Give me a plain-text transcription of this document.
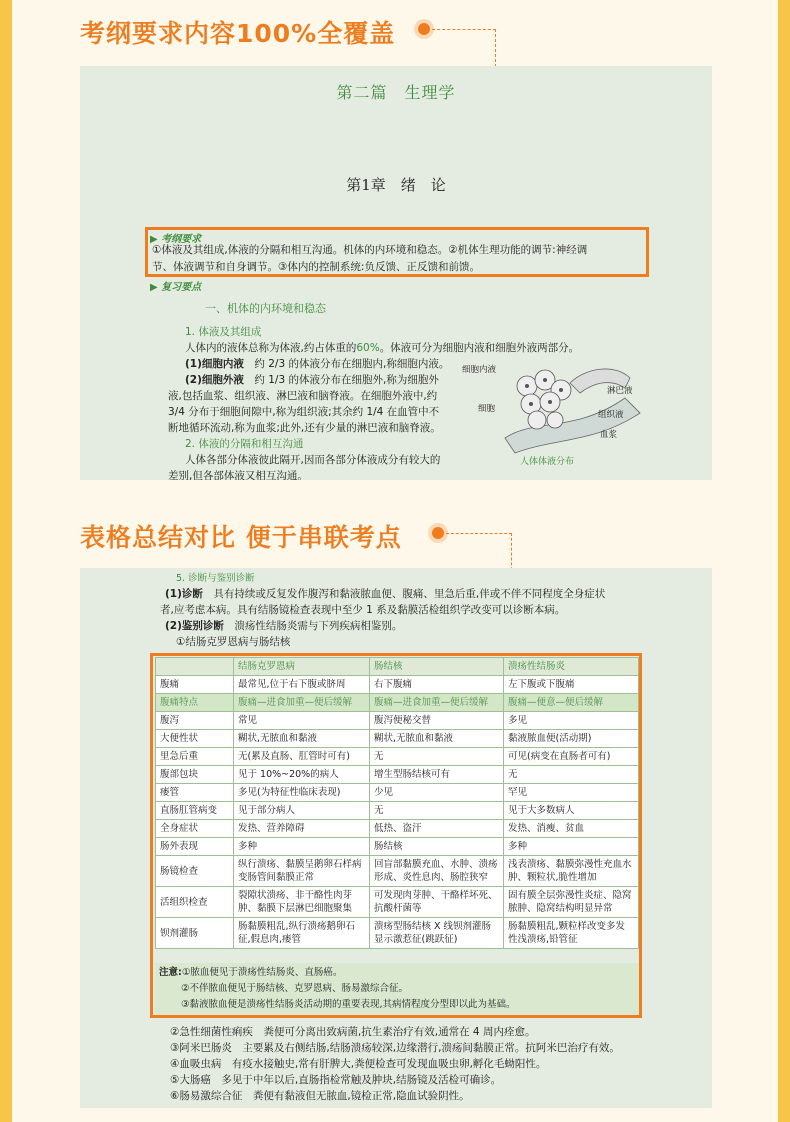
考纲要求内容100%全覆盖
第二篇　生理学
第1章　绪　论
▶ 考纲要求
①体液及其组成,体液的分隔和相互沟通。机体的内环境和稳态。②机体生理功能的调节:神经调
节、体液调节和自身调节。③体内的控制系统:负反馈、正反馈和前馈。
▶ 复习要点
一、机体的内环境和稳态
1. 体液及其组成
人体内的液体总称为体液,约占体重的60%。体液可分为细胞内液和细胞外液两部分。
(1)细胞内液　 约 2/3 的体液分布在细胞内,称细胞内液。
(2)细胞外液　 约 1/3 的体液分布在细胞外,称为细胞外
液,包括血浆、组织液、淋巴液和脑脊液。在细胞外液中,约
3/4 分布于细胞间隙中,称为组织液;其余约 1/4 在血管中不
断地循环流动,称为血浆;此外,还有少量的淋巴液和脑脊液。
2. 体液的分隔和相互沟通
人体各部分体液彼此隔开,因而各部分体液成分有较大的
差别,但各部体液又相互沟通。
细胞内液
细胞
淋巴液
组织液
血浆
人体体液分布
表格总结对比 便于串联考点
5. 诊断与鉴别诊断
(1)诊断　 具有持续或反复发作腹泻和黏液脓血便、腹痛、里急后重,伴或不伴不同程度全身症状
者,应考虑本病。具有结肠镜检查表现中至少 1 系及黏膜活检组织学改变可以诊断本病。
(2)鉴别诊断　 溃疡性结肠炎需与下列疾病相鉴别。
①结肠克罗恩病与肠结核
②急性细菌性痢疾　粪便可分离出致病菌,抗生素治疗有效,通常在 4 周内痊愈。
③阿米巴肠炎　主要累及右侧结肠,结肠溃疡较深,边缘潜行,溃疡间黏膜正常。抗阿米巴治疗有效。
④血吸虫病　有疫水接触史,常有肝脾大,粪便检查可发现血吸虫卵,孵化毛蚴阳性。
⑤大肠癌　多见于中年以后,直肠指检常触及肿块,结肠镜及活检可确诊。
⑥肠易激综合征　粪便有黏液但无脓血,镜检正常,隐血试验阴性。
	结肠克罗恩病	肠结核	溃疡性结肠炎
腹痛	最常见,位于右下腹或脐周	右下腹痛	左下腹或下腹痛
腹痛特点	腹痛—进食加重—便后缓解	腹痛—进食加重—便后缓解	腹痛—便意—便后缓解
腹泻	常见	腹泻便秘交替	多见
大便性状	糊状,无脓血和黏液	糊状,无脓血和黏液	黏液脓血便(活动期)
里急后重	无(累及直肠、肛管时可有)	无	可见(病变在直肠者可有)
腹部包块	见于 10%~20%的病人	增生型肠结核可有	无
瘘管	多见(为特征性临床表现)	少见	罕见
直肠肛管病变	见于部分病人	无	见于大多数病人
全身症状	发热、营养障碍	低热、盗汗	发热、消瘦、贫血
肠外表现	多种	肠结核	多种
肠镜检查	纵行溃疡、黏膜呈鹅卵石样病变肠管间黏膜正常	回盲部黏膜充血、水肿、溃疡形成、炎性息肉、肠腔狭窄	浅表溃疡、黏膜弥漫性充血水肿、颗粒状,脆性增加
活组织检查	裂隙状溃疡、非干酪性肉芽肿、黏膜下层淋巴细胞聚集	可发现肉芽肿、干酪样坏死、抗酸杆菌等	固有膜全层弥漫性炎症、隐窝脓肿、隐窝结构明显异常
钡剂灌肠	肠黏膜粗乱,纵行溃疡鹅卵石征,假息肉,瘘管	溃疡型肠结核 X 线钡剂灌肠显示激惹征(跳跃征)	肠黏膜粗乱,颗粒样改变多发性浅溃疡,铅管征
注意:①脓血便见于溃疡性结肠炎、直肠癌。
②不伴脓血便见于肠结核、克罗恩病、肠易激综合征。
③黏液脓血便是溃疡性结肠炎活动期的重要表现,其病情程度分型即以此为基础。
